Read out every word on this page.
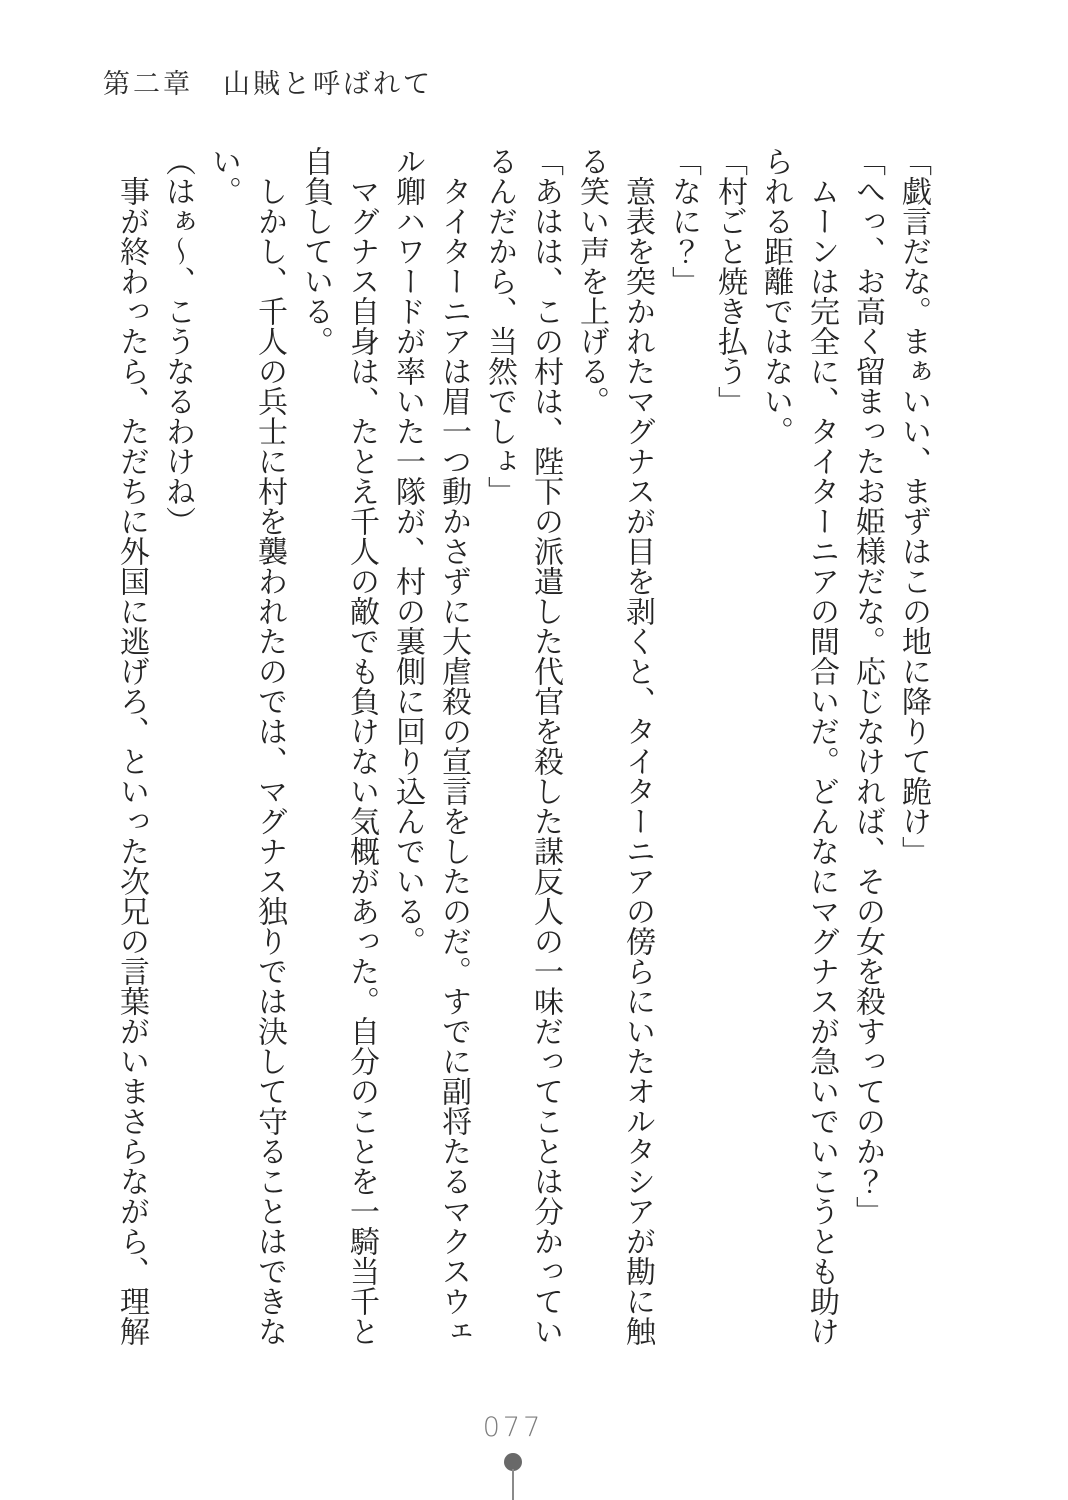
第二章　山賊と呼ばれて

「戯言だな。まぁいい、まずはこの地に降りて跪け」

「へっ、お高く留まったお姫様だな。応じなければ、その女を殺すってのか？」

ムーンは完全に、タイターニアの間合いだ。どんなにマグナスが急いでいこうとも助けられる距離ではない。

「村ごと焼き払う」

「なに？」

意表を突かれたマグナスが目を剥くと、タイターニアの傍らにいたオルタシアが勘に触る笑い声を上げる。

「あはは、この村は、陛下の派遣した代官を殺した謀反人の一味だってことは分かっているんだから、当然でしょ」

タイターニアは眉一つ動かさずに大虐殺の宣言をしたのだ。すでに副将たるマクスウェル卿ハワードが率いた一隊が、村の裏側に回り込んでいる。

マグナス自身は、たとえ千人の敵でも負けない気概があった。自分のことを一騎当千と自負している。

しかし、千人の兵士に村を襲われたのでは、マグナス独りでは決して守ることはできない。

（はぁ〜、こうなるわけね）

事が終わったら、ただちに外国に逃げろ、といった次兄の言葉がいまさらながら、理解

077
